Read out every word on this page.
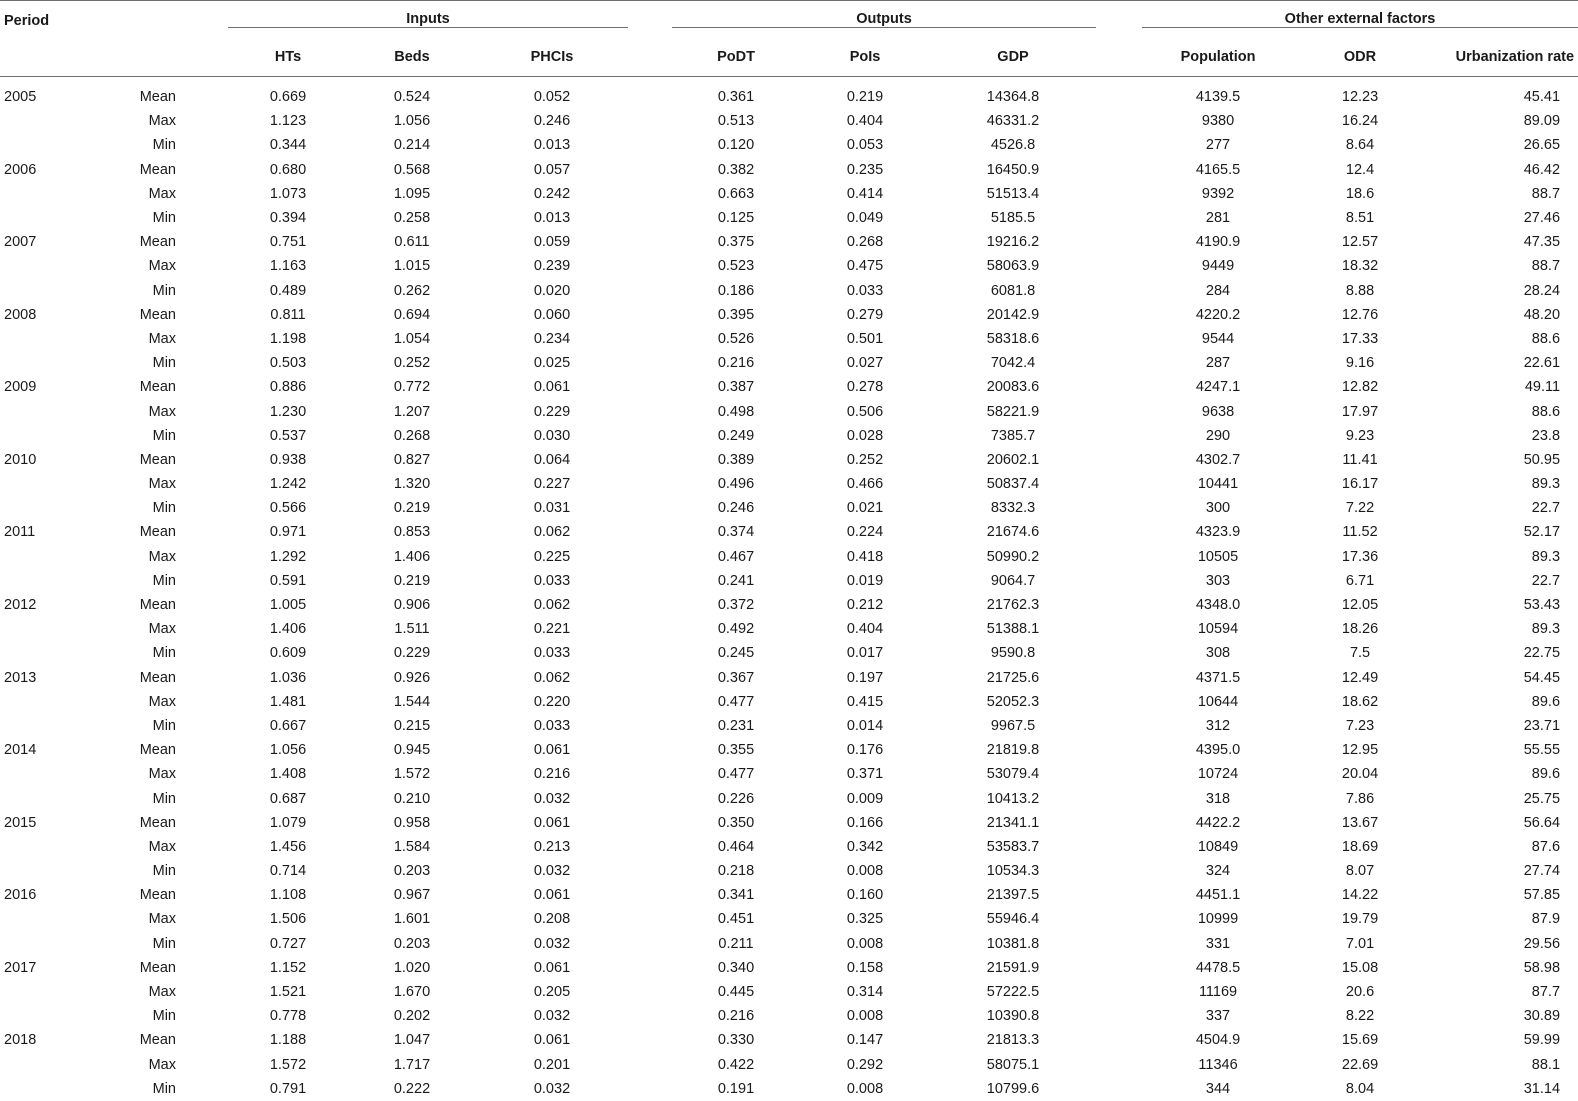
Period			Inputs				Outputs				Other external factors		

			HTs	Beds	PHCIs		PoDT	PoIs	GDP		Population	ODR	Urbanization rate
2005	Mean		0.669	0.524	0.052		0.361	0.219	14364.8		4139.5	12.23	45.41
	Max		1.123	1.056	0.246		0.513	0.404	46331.2		9380	16.24	89.09
	Min		0.344	0.214	0.013		0.120	0.053	4526.8		277	8.64	26.65
2006	Mean		0.680	0.568	0.057		0.382	0.235	16450.9		4165.5	12.4	46.42
	Max		1.073	1.095	0.242		0.663	0.414	51513.4		9392	18.6	88.7
	Min		0.394	0.258	0.013		0.125	0.049	5185.5		281	8.51	27.46
2007	Mean		0.751	0.611	0.059		0.375	0.268	19216.2		4190.9	12.57	47.35
	Max		1.163	1.015	0.239		0.523	0.475	58063.9		9449	18.32	88.7
	Min		0.489	0.262	0.020		0.186	0.033	6081.8		284	8.88	28.24
2008	Mean		0.811	0.694	0.060		0.395	0.279	20142.9		4220.2	12.76	48.20
	Max		1.198	1.054	0.234		0.526	0.501	58318.6		9544	17.33	88.6
	Min		0.503	0.252	0.025		0.216	0.027	7042.4		287	9.16	22.61
2009	Mean		0.886	0.772	0.061		0.387	0.278	20083.6		4247.1	12.82	49.11
	Max		1.230	1.207	0.229		0.498	0.506	58221.9		9638	17.97	88.6
	Min		0.537	0.268	0.030		0.249	0.028	7385.7		290	9.23	23.8
2010	Mean		0.938	0.827	0.064		0.389	0.252	20602.1		4302.7	11.41	50.95
	Max		1.242	1.320	0.227		0.496	0.466	50837.4		10441	16.17	89.3
	Min		0.566	0.219	0.031		0.246	0.021	8332.3		300	7.22	22.7
2011	Mean		0.971	0.853	0.062		0.374	0.224	21674.6		4323.9	11.52	52.17
	Max		1.292	1.406	0.225		0.467	0.418	50990.2		10505	17.36	89.3
	Min		0.591	0.219	0.033		0.241	0.019	9064.7		303	6.71	22.7
2012	Mean		1.005	0.906	0.062		0.372	0.212	21762.3		4348.0	12.05	53.43
	Max		1.406	1.511	0.221		0.492	0.404	51388.1		10594	18.26	89.3
	Min		0.609	0.229	0.033		0.245	0.017	9590.8		308	7.5	22.75
2013	Mean		1.036	0.926	0.062		0.367	0.197	21725.6		4371.5	12.49	54.45
	Max		1.481	1.544	0.220		0.477	0.415	52052.3		10644	18.62	89.6
	Min		0.667	0.215	0.033		0.231	0.014	9967.5		312	7.23	23.71
2014	Mean		1.056	0.945	0.061		0.355	0.176	21819.8		4395.0	12.95	55.55
	Max		1.408	1.572	0.216		0.477	0.371	53079.4		10724	20.04	89.6
	Min		0.687	0.210	0.032		0.226	0.009	10413.2		318	7.86	25.75
2015	Mean		1.079	0.958	0.061		0.350	0.166	21341.1		4422.2	13.67	56.64
	Max		1.456	1.584	0.213		0.464	0.342	53583.7		10849	18.69	87.6
	Min		0.714	0.203	0.032		0.218	0.008	10534.3		324	8.07	27.74
2016	Mean		1.108	0.967	0.061		0.341	0.160	21397.5		4451.1	14.22	57.85
	Max		1.506	1.601	0.208		0.451	0.325	55946.4		10999	19.79	87.9
	Min		0.727	0.203	0.032		0.211	0.008	10381.8		331	7.01	29.56
2017	Mean		1.152	1.020	0.061		0.340	0.158	21591.9		4478.5	15.08	58.98
	Max		1.521	1.670	0.205		0.445	0.314	57222.5		11169	20.6	87.7
	Min		0.778	0.202	0.032		0.216	0.008	10390.8		337	8.22	30.89
2018	Mean		1.188	1.047	0.061		0.330	0.147	21813.3		4504.9	15.69	59.99
	Max		1.572	1.717	0.201		0.422	0.292	58075.1		11346	22.69	88.1
	Min		0.791	0.222	0.032		0.191	0.008	10799.6		344	8.04	31.14
